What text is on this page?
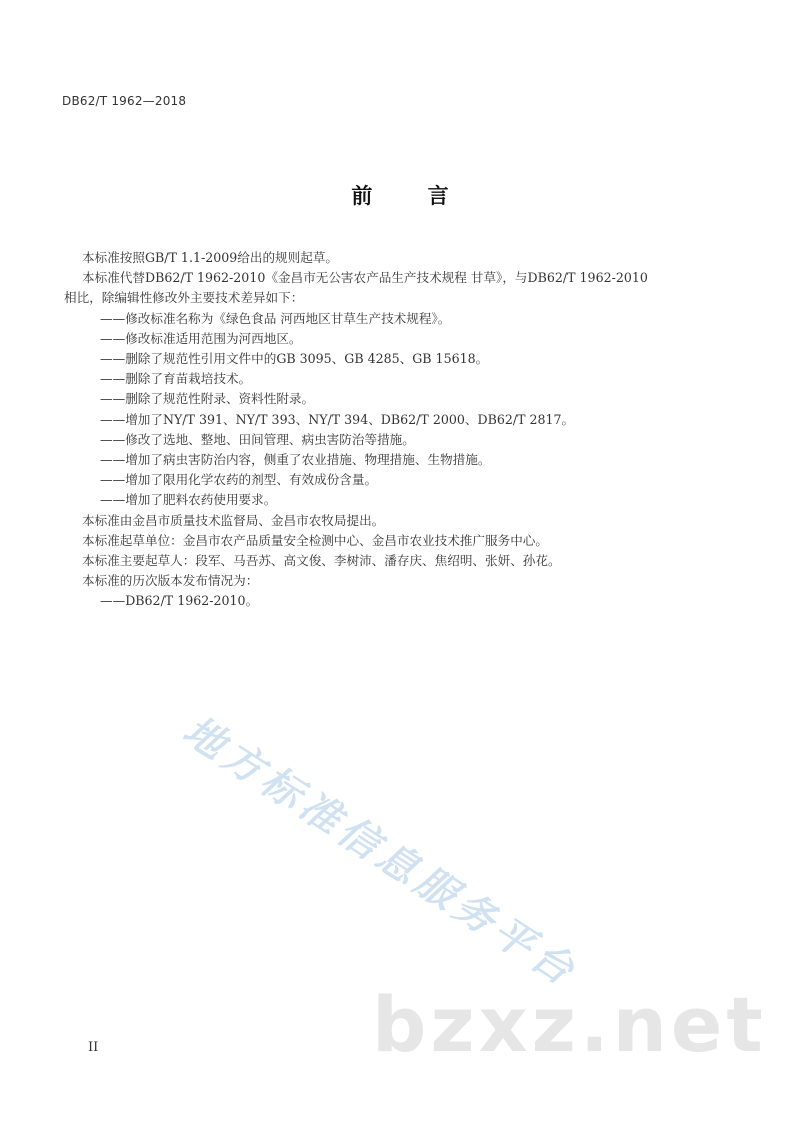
DB62/T 1962—2018
前 言
本标准按照GB/T 1.1-2009给出的规则起草。
本标准代替DB62/T 1962-2010《金昌市无公害农产品生产技术规程 甘草》，与DB62/T 1962-2010
相比，除编辑性修改外主要技术差异如下：
——修改标准名称为《绿色食品 河西地区甘草生产技术规程》。
——修改标准适用范围为河西地区。
——删除了规范性引用文件中的GB 3095、GB 4285、GB 15618。
——删除了育苗栽培技术。
——删除了规范性附录、资料性附录。
——增加了NY/T 391、NY/T 393、NY/T 394、DB62/T 2000、DB62/T 2817。
——修改了选地、整地、田间管理、病虫害防治等措施。
——增加了病虫害防治内容，侧重了农业措施、物理措施、生物措施。
——增加了限用化学农药的剂型、有效成份含量。
——增加了肥料农药使用要求。
本标准由金昌市质量技术监督局、金昌市农牧局提出。
本标准起草单位：金昌市农产品质量安全检测中心、金昌市农业技术推广服务中心。
本标准主要起草人：段军、马吾苏、高文俊、李树沛、潘存庆、焦绍明、张妍、孙花。
本标准的历次版本发布情况为：
——DB62/T 1962-2010。
地方标准信息服务平台
bzxz.net
II
